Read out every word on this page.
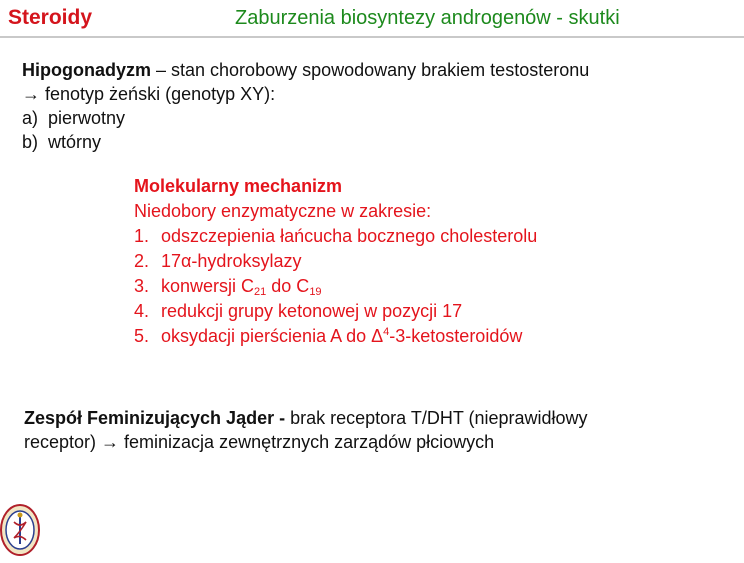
Steroidy	Zaburzenia biosyntezy androgenów - skutki
Hipogonadyzm – stan chorobowy spowodowany brakiem testosteronu
→ fenotyp żeński (genotyp XY):
a) pierwotny
b) wtórny
Molekularny mechanizm
Niedobory enzymatyczne w zakresie:
1. odszczepienia łańcucha bocznego cholesterolu
2. 17α-hydroksylazy
3. konwersji $C_{21}$ do $C_{19}$
4. redukcji grupy ketonowej w pozycji 17
5. oksydacji pierścienia A do $\Delta^4-3$-ketosteroidów
Zespół Feminizujących Jąder - brak receptora T/DHT (nieprawidłowy
receptor) → feminizacja zewnętrznych zarządów płciowych
